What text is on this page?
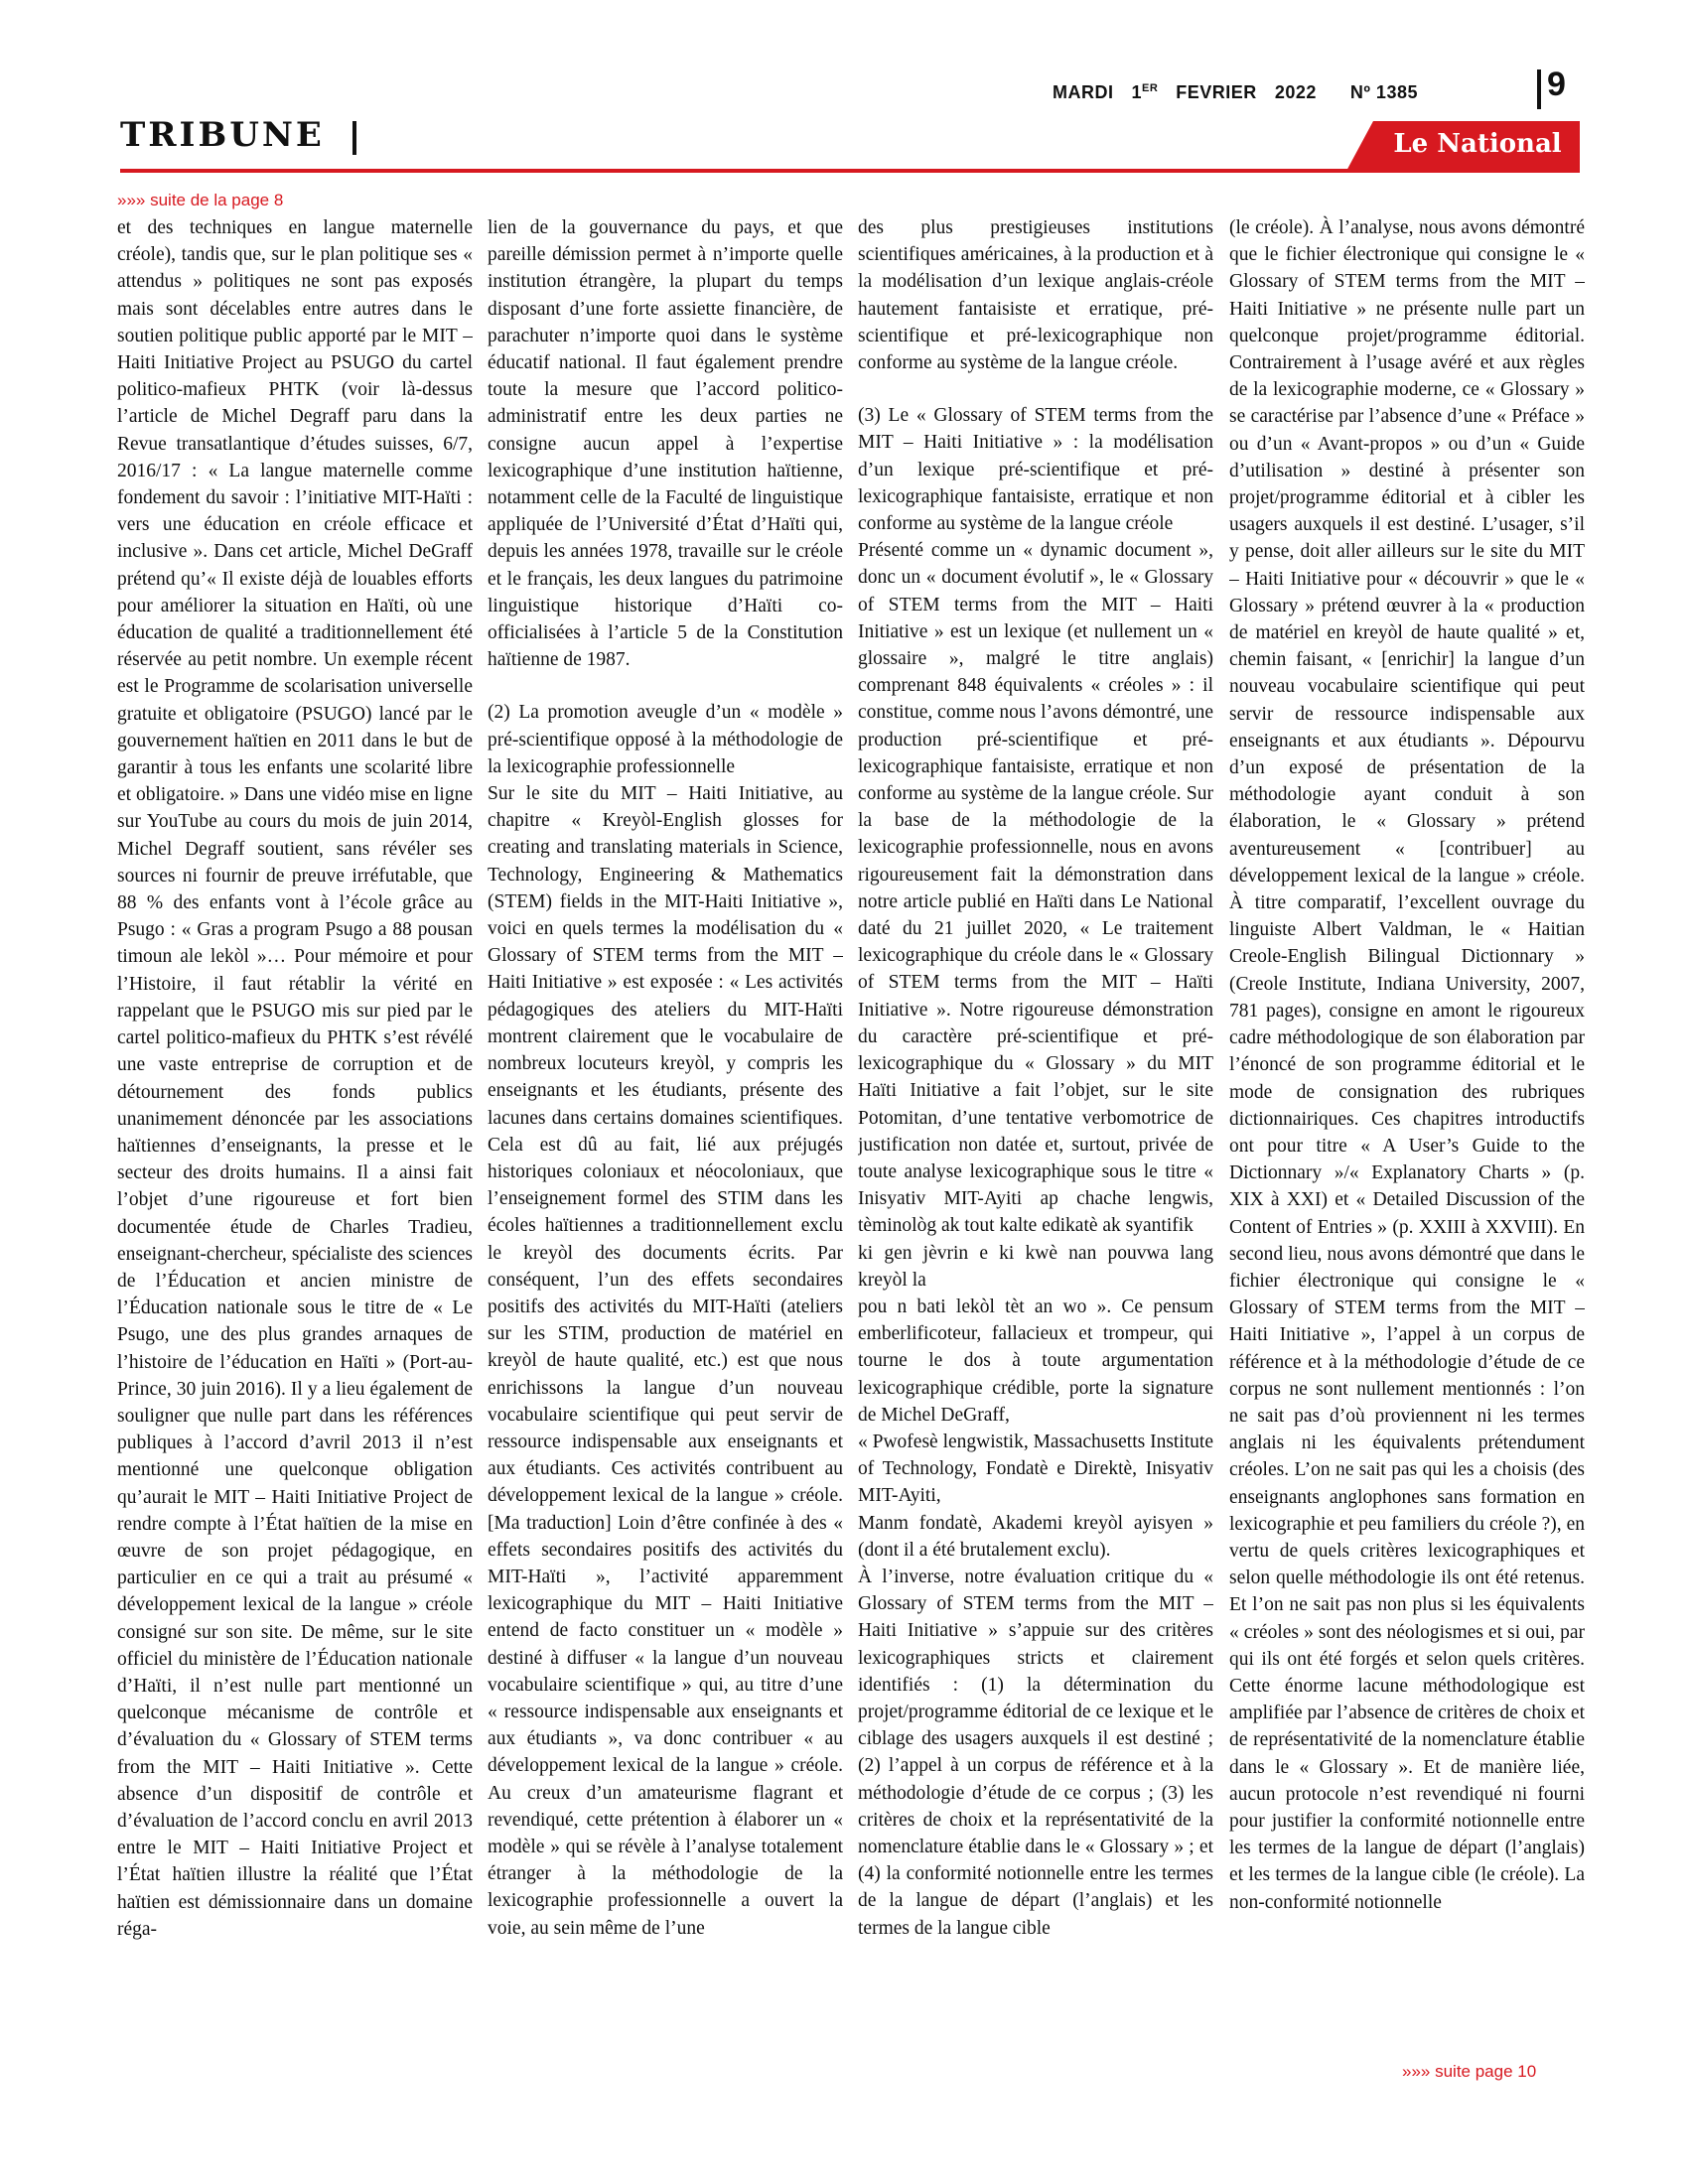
MARDI 1ER FEVRIER 2022 Nº 1385	9
TRIBUNE	Le National
»»» suite de la page 8

et des techniques en langue maternelle créole), tandis que, sur le plan politique ses « attendus » politiques ne sont pas exposés mais sont décelables entre autres dans le soutien politique public apporté par le MIT – Haiti Initiative Project au PSUGO du cartel politico-mafieux PHTK (voir là-dessus l’article de Michel Degraff paru dans la Revue transatlantique d’études suisses, 6/7, 2016/17 : « La langue maternelle comme fondement du savoir : l’initiative MIT-Haïti : vers une éducation en créole efficace et inclusive ». Dans cet article, Michel DeGraff prétend qu’« Il existe déjà de louables efforts pour améliorer la situation en Haïti, où une éducation de qualité a traditionnellement été réservée au petit nombre. Un exemple récent est le Programme de scolarisation universelle gratuite et obligatoire (PSUGO) lancé par le gouvernement haïtien en 2011 dans le but de garantir à tous les enfants une scolarité libre et obligatoire. » Dans une vidéo mise en ligne sur YouTube au cours du mois de juin 2014, Michel Degraff soutient, sans révéler ses sources ni fournir de preuve irréfutable, que 88 % des enfants vont à l’école grâce au Psugo : « Gras a program Psugo a 88 pousan timoun ale lekòl »… Pour mémoire et pour l’Histoire, il faut rétablir la vérité en rappelant que le PSUGO mis sur pied par le cartel politico-mafieux du PHTK s’est révélé une vaste entreprise de corruption et de détournement des fonds publics unanimement dénoncée par les associations haïtiennes d’enseignants, la presse et le secteur des droits humains. Il a ainsi fait l’objet d’une rigoureuse et fort bien documentée étude de Charles Tradieu, enseignant-chercheur, spécialiste des sciences de l’Éducation et ancien ministre de l’Éducation nationale sous le titre de « Le Psugo, une des plus grandes arnaques de l’histoire de l’éducation en Haïti » (Port-au-Prince, 30 juin 2016). Il y a lieu également de souligner que nulle part dans les références publiques à l’accord d’avril 2013 il n’est mentionné une quelconque obligation qu’aurait le MIT – Haiti Initiative Project de rendre compte à l’État haïtien de la mise en œuvre de son projet pédagogique, en particulier en ce qui a trait au présumé « développement lexical de la langue » créole consigné sur son site. De même, sur le site officiel du ministère de l’Éducation nationale d’Haïti, il n’est nulle part mentionné un quelconque mécanisme de contrôle et d’évaluation du « Glossary of STEM terms from the MIT – Haiti Initiative ». Cette absence d’un dispositif de contrôle et d’évaluation de l’accord conclu en avril 2013 entre le MIT – Haiti Initiative Project et l’État haïtien illustre la réalité que l’État haïtien est démissionnaire dans un domaine réga-

lien de la gouvernance du pays, et que pareille démission permet à n’importe quelle institution étrangère, la plupart du temps disposant d’une forte assiette financière, de parachuter n’importe quoi dans le système éducatif national. Il faut également prendre toute la mesure que l’accord politico-administratif entre les deux parties ne consigne aucun appel à l’expertise lexicographique d’une institution haïtienne, notamment celle de la Faculté de linguistique appliquée de l’Université d’État d’Haïti qui, depuis les années 1978, travaille sur le créole et le français, les deux langues du patrimoine linguistique historique d’Haïti co-officialisées à l’article 5 de la Constitution haïtienne de 1987.

(2) La promotion aveugle d’un « modèle » pré-scientifique opposé à la méthodologie de la lexicographie professionnelle

Sur le site du MIT – Haiti Initiative, au chapitre « Kreyòl-English glosses for creating and translating materials in Science, Technology, Engineering & Mathematics (STEM) fields in the MIT-Haiti Initiative », voici en quels termes la modélisation du « Glossary of STEM terms from the MIT – Haiti Initiative » est exposée : « Les activités pédagogiques des ateliers du MIT-Haïti montrent clairement que le vocabulaire de nombreux locuteurs kreyòl, y compris les enseignants et les étudiants, présente des lacunes dans certains domaines scientifiques. Cela est dû au fait, lié aux préjugés historiques coloniaux et néocoloniaux, que l’enseignement formel des STIM dans les écoles haïtiennes a traditionnellement exclu le kreyòl des documents écrits. Par conséquent, l’un des effets secondaires positifs des activités du MIT-Haïti (ateliers sur les STIM, production de matériel en kreyòl de haute qualité, etc.) est que nous enrichissons la langue d’un nouveau vocabulaire scientifique qui peut servir de ressource indispensable aux enseignants et aux étudiants. Ces activités contribuent au développement lexical de la langue » créole. [Ma traduction] Loin d’être confinée à des « effets secondaires positifs des activités du MIT-Haïti », l’activité apparemment lexicographique du MIT – Haiti Initiative entend de facto constituer un « modèle » destiné à diffuser « la langue d’un nouveau vocabulaire scientifique » qui, au titre d’une « ressource indispensable aux enseignants et aux étudiants », va donc contribuer « au développement lexical de la langue » créole. Au creux d’un amateurisme flagrant et revendiqué, cette prétention à élaborer un « modèle » qui se révèle à l’analyse totalement étranger à la méthodologie de la lexicographie professionnelle a ouvert la voie, au sein même de l’une

des plus prestigieuses institutions scientifiques américaines, à la production et à la modélisation d’un lexique anglais-créole hautement fantaisiste et erratique, pré-scientifique et pré-lexicographique non conforme au système de la langue créole.

(3) Le « Glossary of STEM terms from the MIT – Haiti Initiative » : la modélisation d’un lexique pré-scientifique et pré-lexicographique fantaisiste, erratique et non conforme au système de la langue créole

Présenté comme un « dynamic document », donc un « document évolutif », le « Glossary of STEM terms from the MIT – Haiti Initiative » est un lexique (et nullement un « glossaire », malgré le titre anglais) comprenant 848 équivalents « créoles » : il constitue, comme nous l’avons démontré, une production pré-scientifique et pré-lexicographique fantaisiste, erratique et non conforme au système de la langue créole. Sur la base de la méthodologie de la lexicographie professionnelle, nous en avons rigoureusement fait la démonstration dans notre article publié en Haïti dans Le National daté du 21 juillet 2020, « Le traitement lexicographique du créole dans le « Glossary of STEM terms from the MIT – Haïti Initiative ». Notre rigoureuse démonstration du caractère pré-scientifique et pré-lexicographique du « Glossary » du MIT Haïti Initiative a fait l’objet, sur le site Potomitan, d’une tentative verbomotrice de justification non datée et, surtout, privée de toute analyse lexicographique sous le titre « Inisyativ MIT-Ayiti ap chache lengwis, tèminològ ak tout kalte edikatè ak syantifik

ki gen jèvrin e ki kwè nan pouvwa lang kreyòl la

pou n bati lekòl tèt an wo ». Ce pensum emberlificoteur, fallacieux et trompeur, qui tourne le dos à toute argumentation lexicographique crédible, porte la signature de Michel DeGraff,

« Pwofesè lengwistik, Massachusetts Institute of Technology, Fondatè e Direktè, Inisyativ MIT-Ayiti,

Manm fondatè, Akademi kreyòl ayisyen » (dont il a été brutalement exclu).

À l’inverse, notre évaluation critique du « Glossary of STEM terms from the MIT – Haiti Initiative » s’appuie sur des critères lexicographiques stricts et clairement identifiés : (1) la détermination du projet/programme éditorial de ce lexique et le ciblage des usagers auxquels il est destiné ; (2) l’appel à un corpus de référence et à la méthodologie d’étude de ce corpus ; (3) les critères de choix et la représentativité de la nomenclature établie dans le « Glossary » ; et (4) la conformité notionnelle entre les termes de la langue de départ (l’anglais) et les termes de la langue cible

(le créole). À l’analyse, nous avons démontré que le fichier électronique qui consigne le « Glossary of STEM terms from the MIT – Haiti Initiative » ne présente nulle part un quelconque projet/programme éditorial. Contrairement à l’usage avéré et aux règles de la lexicographie moderne, ce « Glossary » se caractérise par l’absence d’une « Préface » ou d’un « Avant-propos » ou d’un « Guide d’utilisation » destiné à présenter son projet/programme éditorial et à cibler les usagers auxquels il est destiné. L’usager, s’il y pense, doit aller ailleurs sur le site du MIT – Haiti Initiative pour « découvrir » que le « Glossary » prétend œuvrer à la « production de matériel en kreyòl de haute qualité » et, chemin faisant, « [enrichir] la langue d’un nouveau vocabulaire scientifique qui peut servir de ressource indispensable aux enseignants et aux étudiants ». Dépourvu d’un exposé de présentation de la méthodologie ayant conduit à son élaboration, le « Glossary » prétend aventureusement « [contribuer] au développement lexical de la langue » créole. À titre comparatif, l’excellent ouvrage du linguiste Albert Valdman, le « Haitian Creole-English Bilingual Dictionnary » (Creole Institute, Indiana University, 2007, 781 pages), consigne en amont le rigoureux cadre méthodologique de son élaboration par l’énoncé de son programme éditorial et le mode de consignation des rubriques dictionnairiques. Ces chapitres introductifs ont pour titre « A User’s Guide to the Dictionnary »/« Explanatory Charts » (p. XIX à XXI) et « Detailed Discussion of the Content of Entries » (p. XXIII à XXVIII). En second lieu, nous avons démontré que dans le fichier électronique qui consigne le « Glossary of STEM terms from the MIT – Haiti Initiative », l’appel à un corpus de référence et à la méthodologie d’étude de ce corpus ne sont nullement mentionnés : l’on ne sait pas d’où proviennent ni les termes anglais ni les équivalents prétendument créoles. L’on ne sait pas qui les a choisis (des enseignants anglophones sans formation en lexicographie et peu familiers du créole ?), en vertu de quels critères lexicographiques et selon quelle méthodologie ils ont été retenus. Et l’on ne sait pas non plus si les équivalents « créoles » sont des néologismes et si oui, par qui ils ont été forgés et selon quels critères. Cette énorme lacune méthodologique est amplifiée par l’absence de critères de choix et de représentativité de la nomenclature établie dans le « Glossary ». Et de manière liée, aucun protocole n’est revendiqué ni fourni pour justifier la conformité notionnelle entre les termes de la langue de départ (l’anglais) et les termes de la langue cible (le créole). La non-conformité notionnelle

»»» suite page 10
